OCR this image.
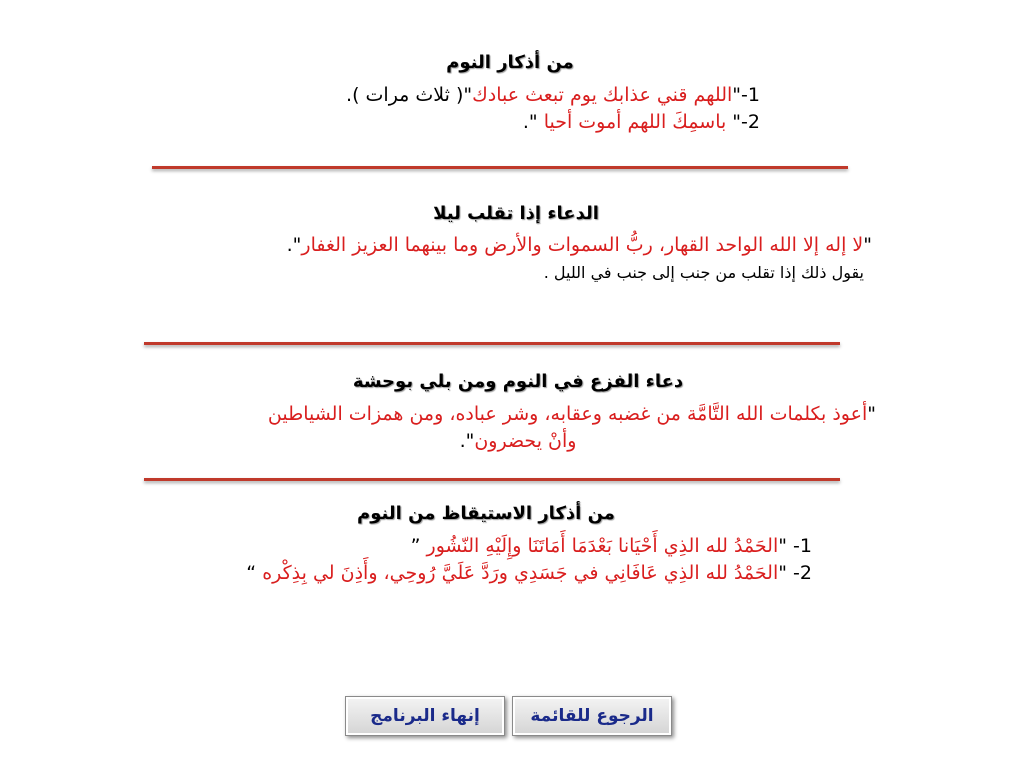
من أذكار النوم
1-"اللهم قني عذابك يوم تبعث عبادك"( ثلاث مرات ).
2-" باسمِكَ اللهم أموت أحيا ".
الدعاء إذا تقلب ليلا
"لا إله إلا الله الواحد القهار، ربُّ السموات والأرض وما بينهما العزيز الغفار".
يقول ذلك إذا تقلب من جنب إلى جنب في الليل .
دعاء الفزع في النوم ومن بلي بوحشة
"أعوذ بكلمات الله التَّامَّة من غضبه وعقابه، وشر عباده، ومن همزات الشياطين
وأنْ يحضرون".
من أذكار الاستيقاظ من النوم
1- "الحَمْدُ لله الذِي أَحْيَانا بَعْدَمَا أَمَاتَنَا وإِلَيْهِ النّشُور ”
2- "الحَمْدُ لله الذِي عَافَانِي في جَسَدِي ورَدَّ عَلَيَّ رُوحِي، وأَذِنَ لي بِذِكْره “
الرجوع للقائمة
إنهاء البرنامج
